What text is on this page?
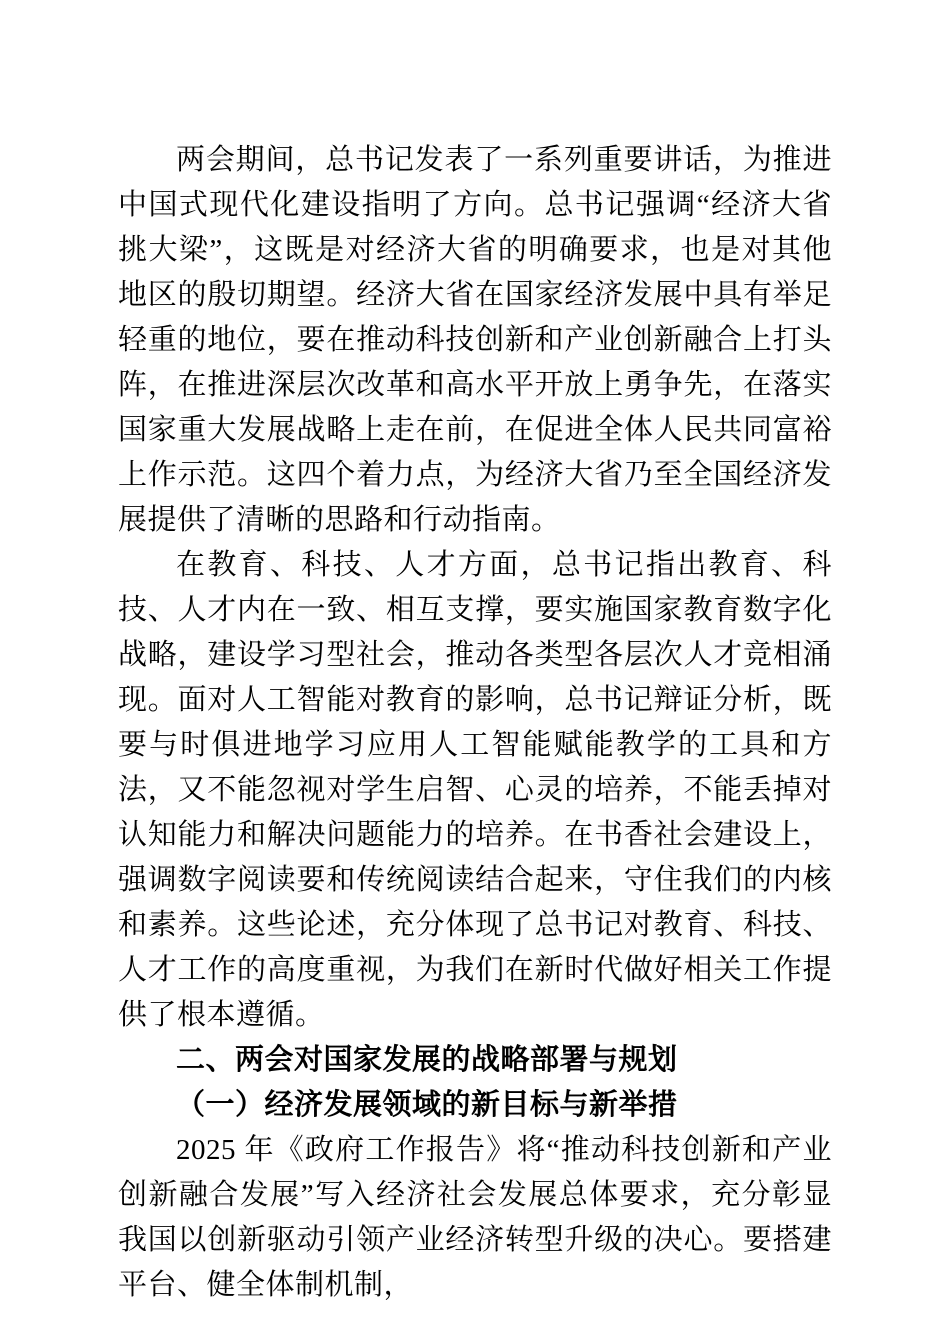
两会期间，总书记发表了一系列重要讲话，为推进中国式现代化建设指明了方向。总书记强调“经济大省挑大梁”，这既是对经济大省的明确要求，也是对其他地区的殷切期望。经济大省在国家经济发展中具有举足轻重的地位，要在推动科技创新和产业创新融合上打头阵，在推进深层次改革和高水平开放上勇争先，在落实国家重大发展战略上走在前，在促进全体人民共同富裕上作示范。这四个着力点，为经济大省乃至全国经济发展提供了清晰的思路和行动指南。

在教育、科技、人才方面，总书记指出教育、科技、人才内在一致、相互支撑，要实施国家教育数字化战略，建设学习型社会，推动各类型各层次人才竞相涌现。面对人工智能对教育的影响，总书记辩证分析，既要与时俱进地学习应用人工智能赋能教学的工具和方法，又不能忽视对学生启智、心灵的培养，不能丢掉对认知能力和解决问题能力的培养。在书香社会建设上，强调数字阅读要和传统阅读结合起来，守住我们的内核和素养。这些论述，充分体现了总书记对教育、科技、人才工作的高度重视，为我们在新时代做好相关工作提供了根本遵循。

二、两会对国家发展的战略部署与规划
（一）经济发展领域的新目标与新举措

2025 年《政府工作报告》将“推动科技创新和产业创新融合发展”写入经济社会发展总体要求，充分彰显我国以创新驱动引领产业经济转型升级的决心。要搭建平台、健全体制机制，
